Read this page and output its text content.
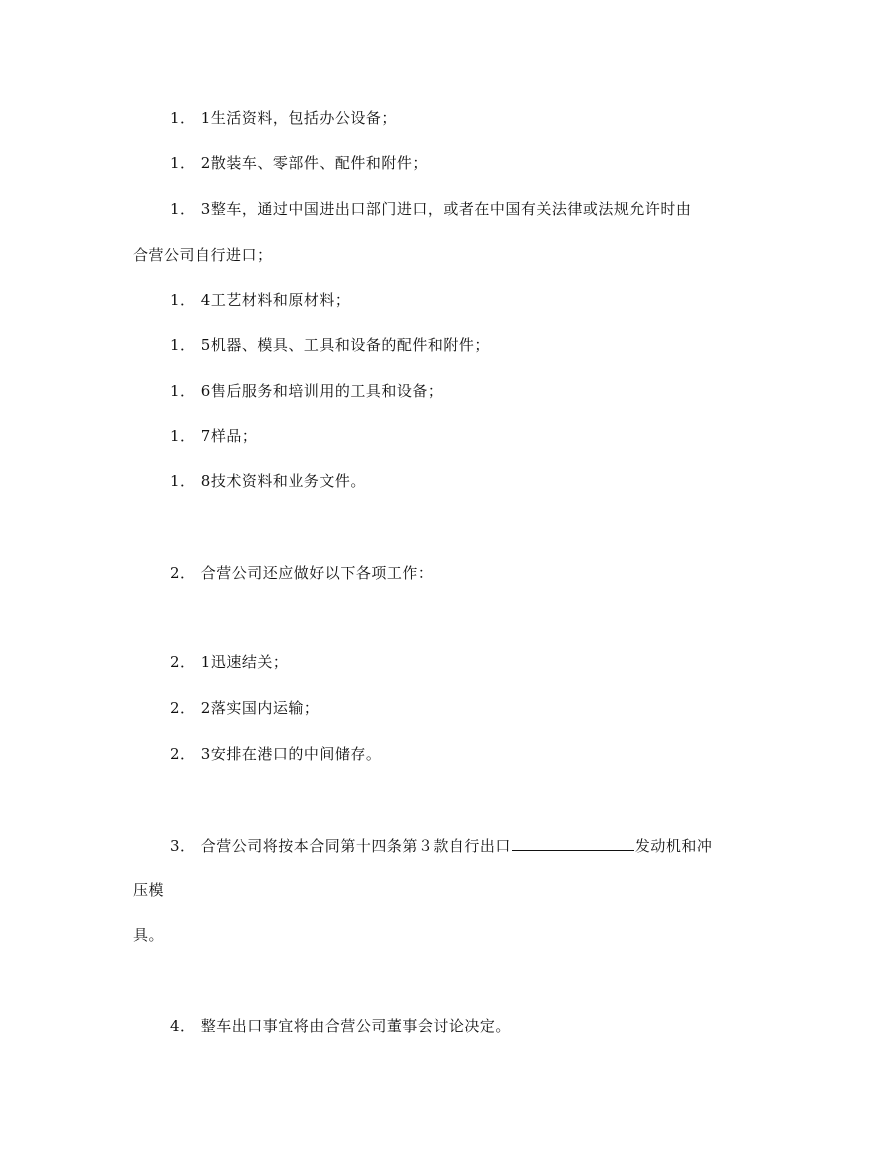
1． 1生活资料，包括办公设备；
1． 2散装车、零部件、配件和附件；
1． 3整车，通过中国进出口部门进口，或者在中国有关法律或法规允许时由
合营公司自行进口；
1． 4工艺材料和原材料；
1． 5机器、模具、工具和设备的配件和附件；
1． 6售后服务和培训用的工具和设备；
1． 7样品；
1． 8技术资料和业务文件。
2． 合营公司还应做好以下各项工作：
2． 1迅速结关；
2． 2落实国内运输；
2． 3安排在港口的中间储存。
3． 合营公司将按本合同第十四条第３款自行出口	发动机和冲
压模
具。
4． 整车出口事宜将由合营公司董事会讨论决定。
